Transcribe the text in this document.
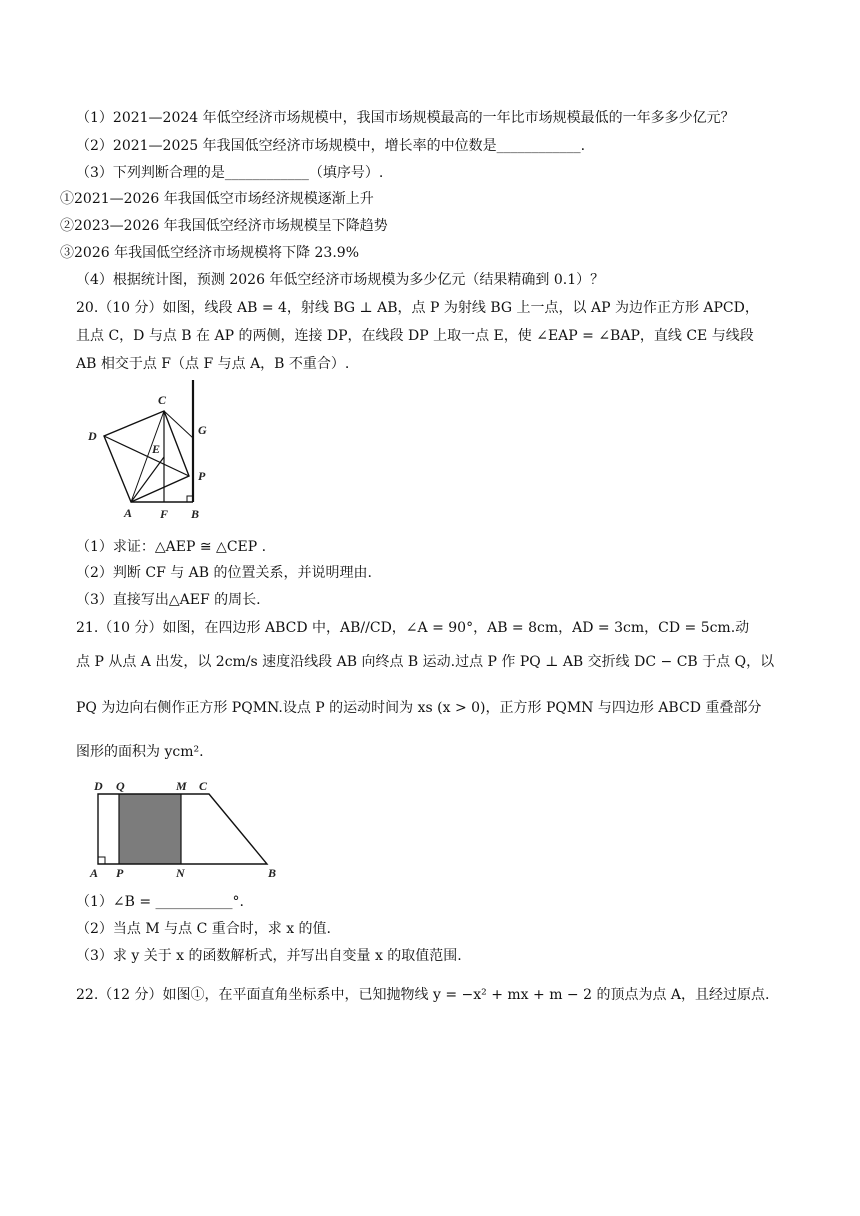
（1）2021—2024 年低空经济市场规模中，我国市场规模最高的一年比市场规模最低的一年多多少亿元？
（2）2021—2025 年我国低空经济市场规模中，增长率的中位数是____________.
（3）下列判断合理的是____________（填序号）.
①2021—2026 年我国低空市场经济规模逐渐上升
②2023—2026 年我国低空经济市场规模呈下降趋势
③2026 年我国低空经济市场规模将下降 23.9%
（4）根据统计图，预测 2026 年低空经济市场规模为多少亿元（结果精确到 0.1）？
20.（10 分）如图，线段 AB = 4，射线 BG ⊥ AB，点 P 为射线 BG 上一点，以 AP 为边作正方形 APCD，
且点 C，D 与点 B 在 AP 的两侧，连接 DP，在线段 DP 上取一点 E，使 ∠EAP = ∠BAP，直线 CE 与线段
AB 相交于点 F（点 F 与点 A，B 不重合）.
C
G
D
E
P
A F B
（1）求证：△AEP ≅ △CEP .
（2）判断 CF 与 AB 的位置关系，并说明理由.
（3）直接写出△AEF 的周长.
21.（10 分）如图，在四边形 ABCD 中，AB//CD，∠A = 90°，AB = 8cm，AD = 3cm，CD = 5cm.动
点 P 从点 A 出发，以 2cm/s 速度沿线段 AB 向终点 B 运动.过点 P 作 PQ ⊥ AB 交折线 DC − CB 于点 Q，以
PQ 为边向右侧作正方形 PQMN.设点 P 的运动时间为 xs (x > 0)，正方形 PQMN 与四边形 ABCD 重叠部分
图形的面积为 ycm².
D Q	M C
A P	N	B
（1）∠B = ___________°.
（2）当点 M 与点 C 重合时，求 x 的值.
（3）求 y 关于 x 的函数解析式，并写出自变量 x 的取值范围.
22.（12 分）如图①，在平面直角坐标系中，已知抛物线 y = −x² + mx + m − 2 的顶点为点 A，且经过原点.
